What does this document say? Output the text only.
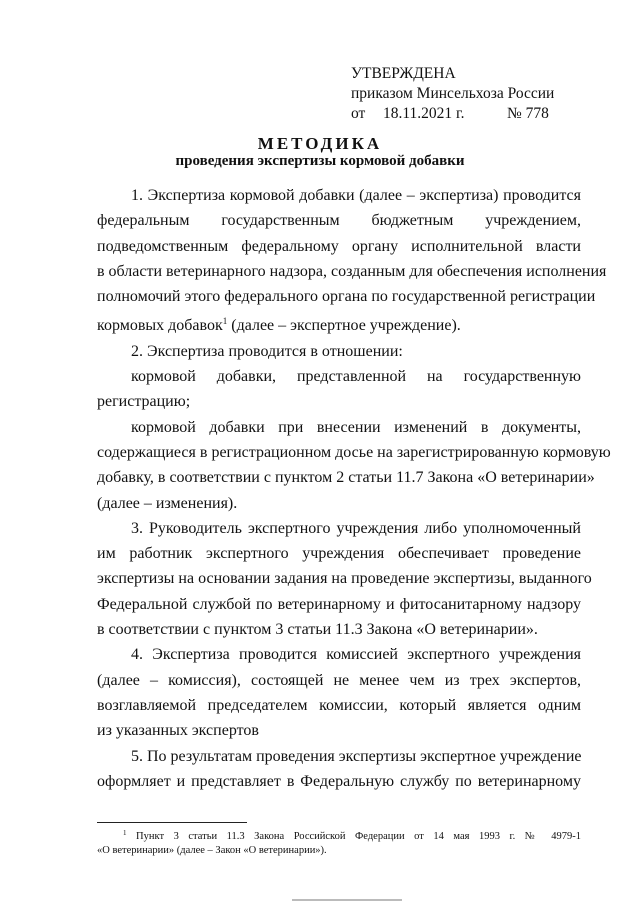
УТВЕРЖДЕНА
приказом Минсельхоза России
от 18.11.2021 г.	№ 778
МЕТОДИКА
проведения экспертизы кормовой добавки
1. Экспертиза кормовой добавки (далее – экспертиза) проводится
федеральным государственным бюджетным учреждением,
подведомственным федеральному органу исполнительной власти
в области ветеринарного надзора, созданным для обеспечения исполнения
полномочий этого федерального органа по государственной регистрации
кормовых добавок$^1$ (далее – экспертное учреждение).
2. Экспертиза проводится в отношении:
кормовой добавки, представленной на государственную
регистрацию;
кормовой добавки при внесении изменений в документы,
содержащиеся в регистрационном досье на зарегистрированную кормовую
добавку, в соответствии с пунктом 2 статьи 11.7 Закона «О ветеринарии»
(далее – изменения).
3. Руководитель экспертного учреждения либо уполномоченный
им работник экспертного учреждения обеспечивает проведение
экспертизы на основании задания на проведение экспертизы, выданного
Федеральной службой по ветеринарному и фитосанитарному надзору
в соответствии с пунктом 3 статьи 11.3 Закона «О ветеринарии».
4. Экспертиза проводится комиссией экспертного учреждения
(далее – комиссия), состоящей не менее чем из трех экспертов,
возглавляемой председателем комиссии, который является одним
из указанных экспертов
5. По результатам проведения экспертизы экспертное учреждение
оформляет и представляет в Федеральную службу по ветеринарному
$^1$ Пункт 3 статьи 11.3 Закона Российской Федерации от 14 мая 1993 г. № 4979-1
«О ветеринарии» (далее – Закон «О ветеринарии»).
